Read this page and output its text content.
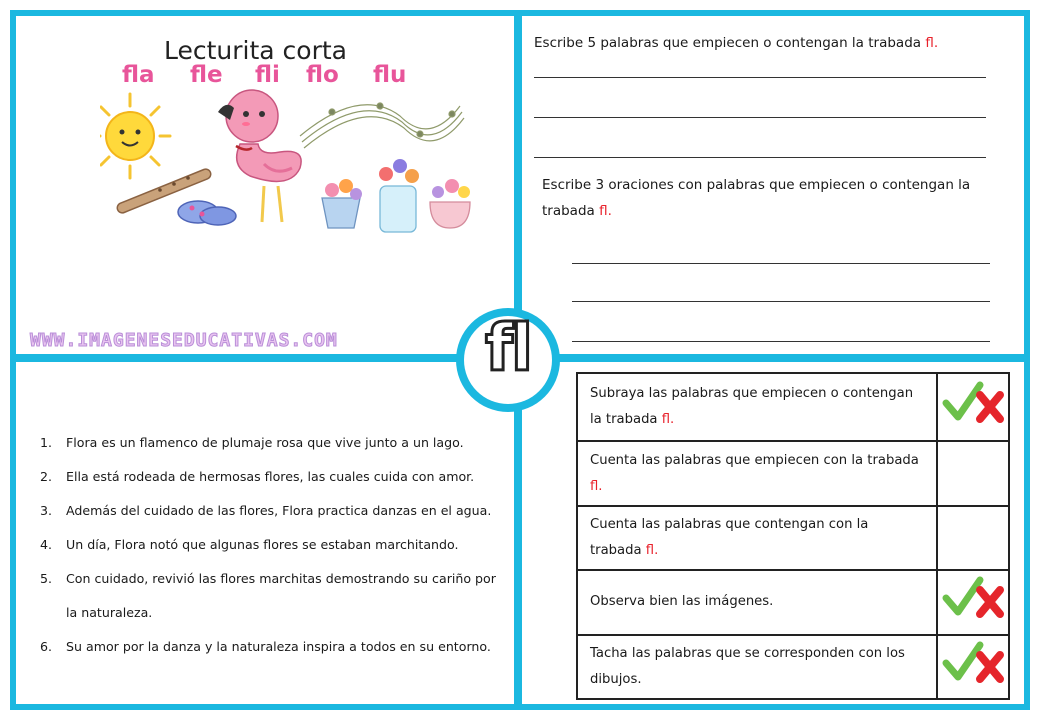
Lecturita corta
fla fle fli flo flu
WWW.IMAGENESEDUCATIVAS.COM
Escribe 5 palabras que empiecen o contengan la trabada fl.
Escribe 3 oraciones con palabras que empiecen o contengan la trabada fl.
1. Flora es un flamenco de plumaje rosa que vive junto a un lago.
2. Ella está rodeada de hermosas flores, las cuales cuida con amor.
3. Además del cuidado de las flores, Flora practica danzas en el agua.
4. Un día, Flora notó que algunas flores se estaban marchitando.
5. Con cuidado, revivió las flores marchitas demostrando su cariño por la naturaleza.
6. Su amor por la danza y la naturaleza inspira a todos en su entorno.
Subraya las palabras que empiecen o contengan la trabada fl.	
Cuenta las palabras que empiecen con la trabada fl.	
Cuenta las palabras que contengan con la trabada fl.	
Observa bien las imágenes.	
Tacha las palabras que se corresponden con los dibujos.	
fl
